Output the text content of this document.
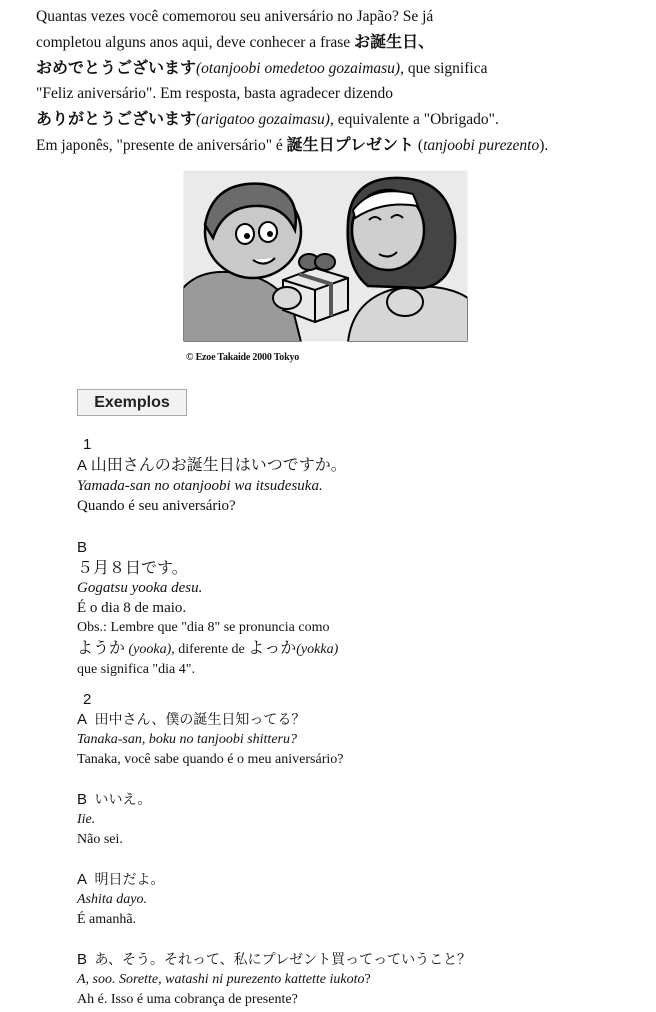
Quantas vezes você comemorou seu aniversário no Japão? Se já
completou alguns anos aqui, deve conhecer a frase お誕生日、
おめでとうございます(otanjoobi omedetoo gozaimasu), que significa
"Feliz aniversário". Em resposta, basta agradecer dizendo
ありがとうございます(arigatoo gozaimasu), equivalente a "Obrigado".
Em japonês, "presente de aniversário" é 誕生日プレゼント (tanjoobi purezento).
© Ezoe Takaide 2000 Tokyo
Exemplos
1
A 山田さんのお誕生日はいつですか。
Yamada-san no otanjoobi wa itsudesuka.
Quando é seu aniversário?
B
５月８日です。
Gogatsu yooka desu.
É o dia 8 de maio.
Obs.: Lembre que "dia 8" se pronuncia como
ようか (yooka), diferente de よっか(yokka)
que significa "dia 4".
2
A 田中さん、僕の誕生日知ってる？
Tanaka-san, boku no tanjoobi shitteru?
Tanaka, você sabe quando é o meu aniversário?
B いいえ。
Iie.
Não sei.
A 明日だよ。
Ashita dayo.
É amanhã.
B あ、そう。それって、私にプレゼント買ってっていうこと？
A, soo. Sorette, watashi ni purezento kattette iukoto?
Ah é. Isso é uma cobrança de presente?
